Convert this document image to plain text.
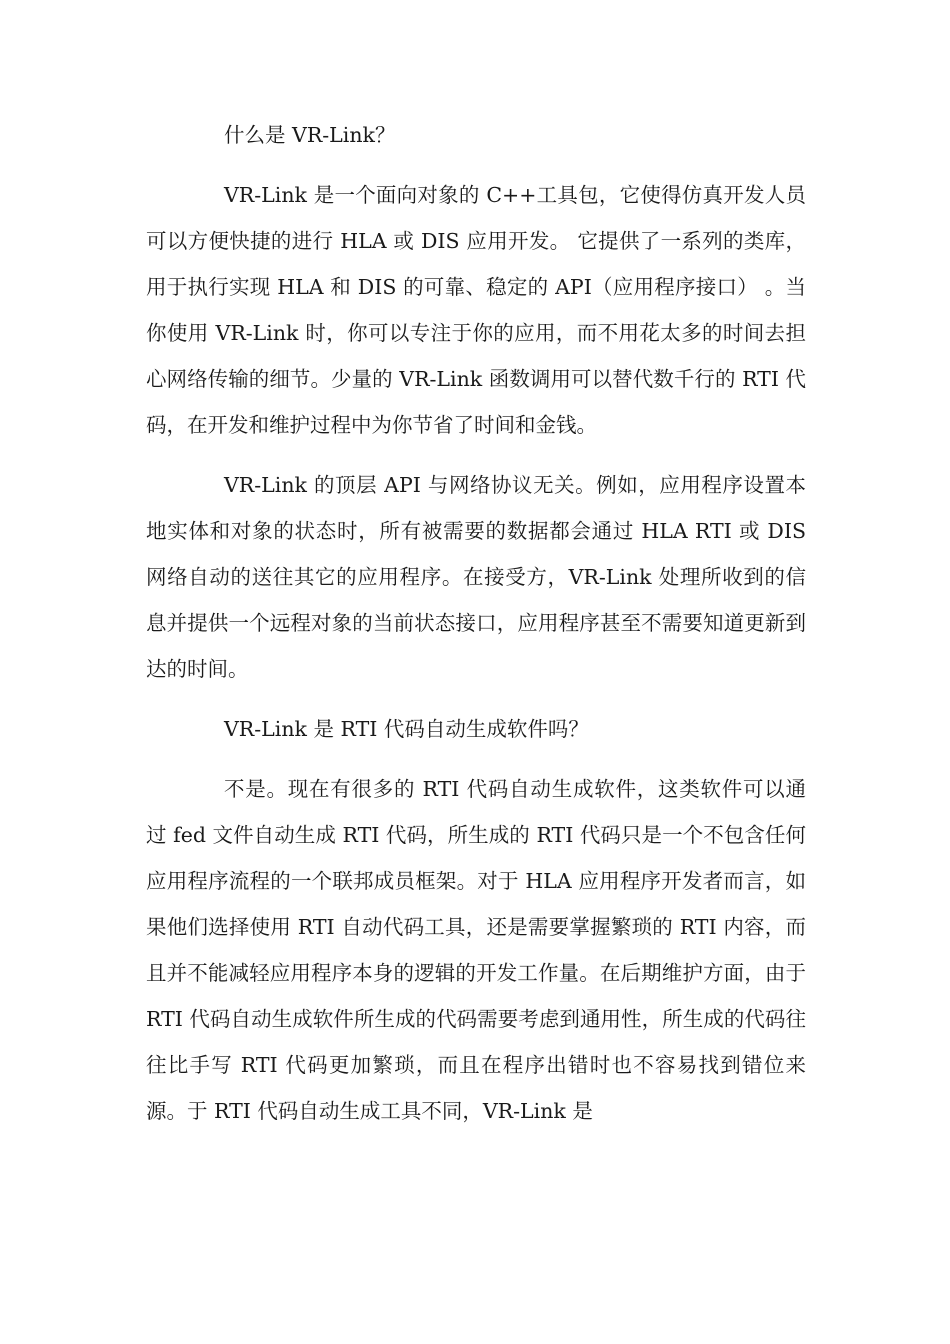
什么是 VR-Link？

VR-Link 是一个面向对象的 C++工具包，它使得仿真开发人员可以方便快捷的进行 HLA 或 DIS 应用开发。 它提供了一系列的类库，用于执行实现 HLA 和 DIS 的可靠、稳定的 API（应用程序接口） 。当你使用 VR-Link 时，你可以专注于你的应用，而不用花太多的时间去担心网络传输的细节。少量的 VR-Link 函数调用可以替代数千行的 RTI 代码，在开发和维护过程中为你节省了时间和金钱。

VR-Link 的顶层 API 与网络协议无关。例如，应用程序设置本地实体和对象的状态时，所有被需要的数据都会通过 HLA RTI 或 DIS 网络自动的送往其它的应用程序。在接受方，VR-Link 处理所收到的信息并提供一个远程对象的当前状态接口，应用程序甚至不需要知道更新到达的时间。

VR-Link 是 RTI 代码自动生成软件吗？

不是。现在有很多的 RTI 代码自动生成软件，这类软件可以通过 fed 文件自动生成 RTI 代码，所生成的 RTI 代码只是一个不包含任何应用程序流程的一个联邦成员框架。对于 HLA 应用程序开发者而言，如果他们选择使用 RTI 自动代码工具，还是需要掌握繁琐的 RTI 内容，而且并不能减轻应用程序本身的逻辑的开发工作量。在后期维护方面，由于 RTI 代码自动生成软件所生成的代码需要考虑到通用性，所生成的代码往往比手写 RTI 代码更加繁琐，而且在程序出错时也不容易找到错位来源。于 RTI 代码自动生成工具不同，VR-Link 是
